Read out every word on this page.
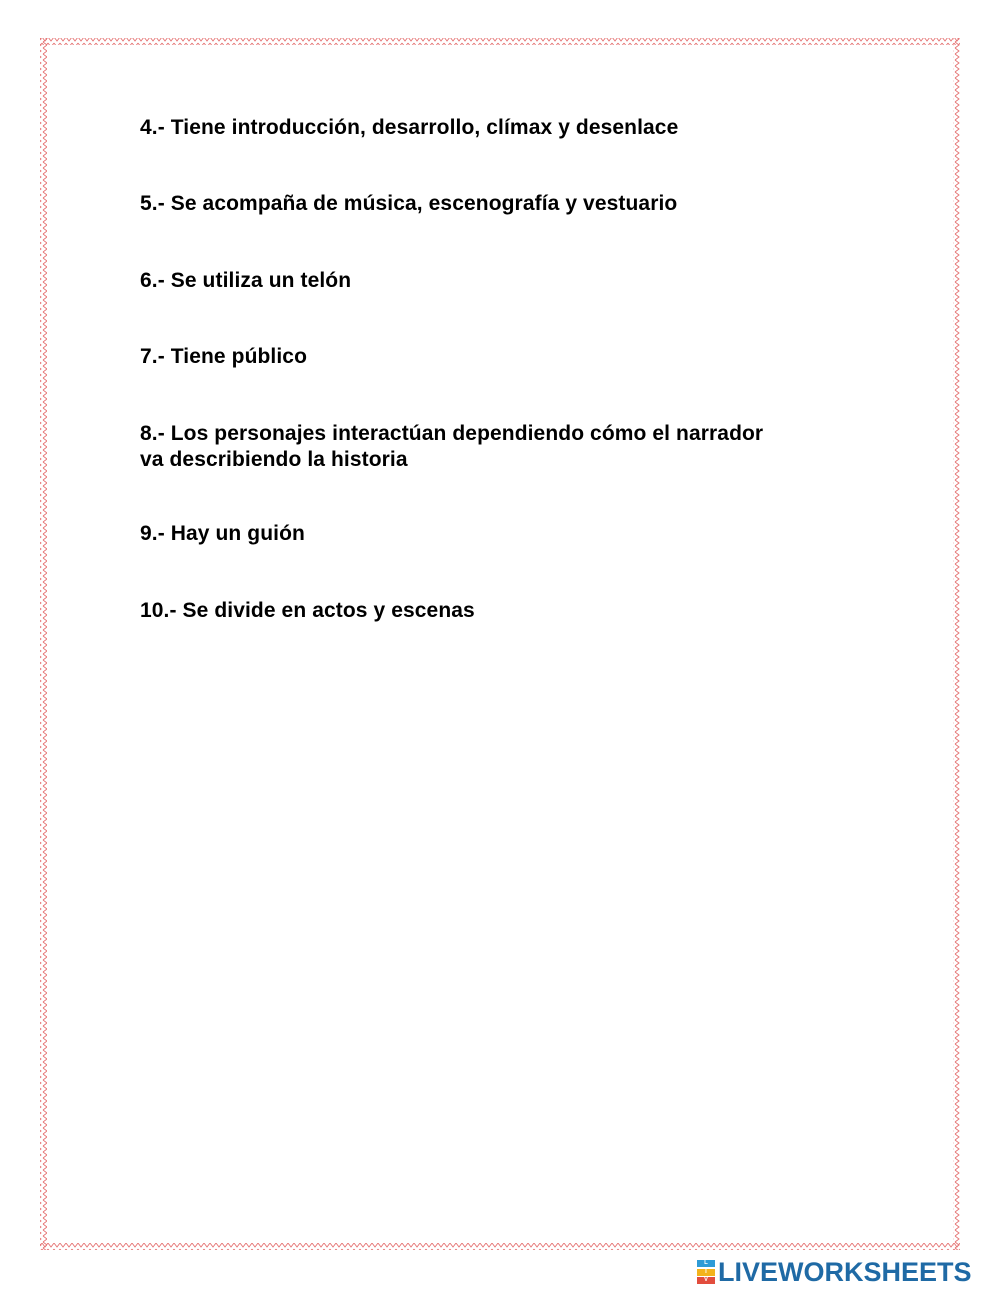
4.- Tiene introducción, desarrollo, clímax y desenlace
5.- Se acompaña de música, escenografía y vestuario
6.- Se utiliza un telón
7.- Tiene público
8.- Los personajes interactúan dependiendo cómo el narrador
va describiendo la historia
9.- Hay un guión
10.- Se divide en actos y escenas
L
I
V LIVEWORKSHEETS
